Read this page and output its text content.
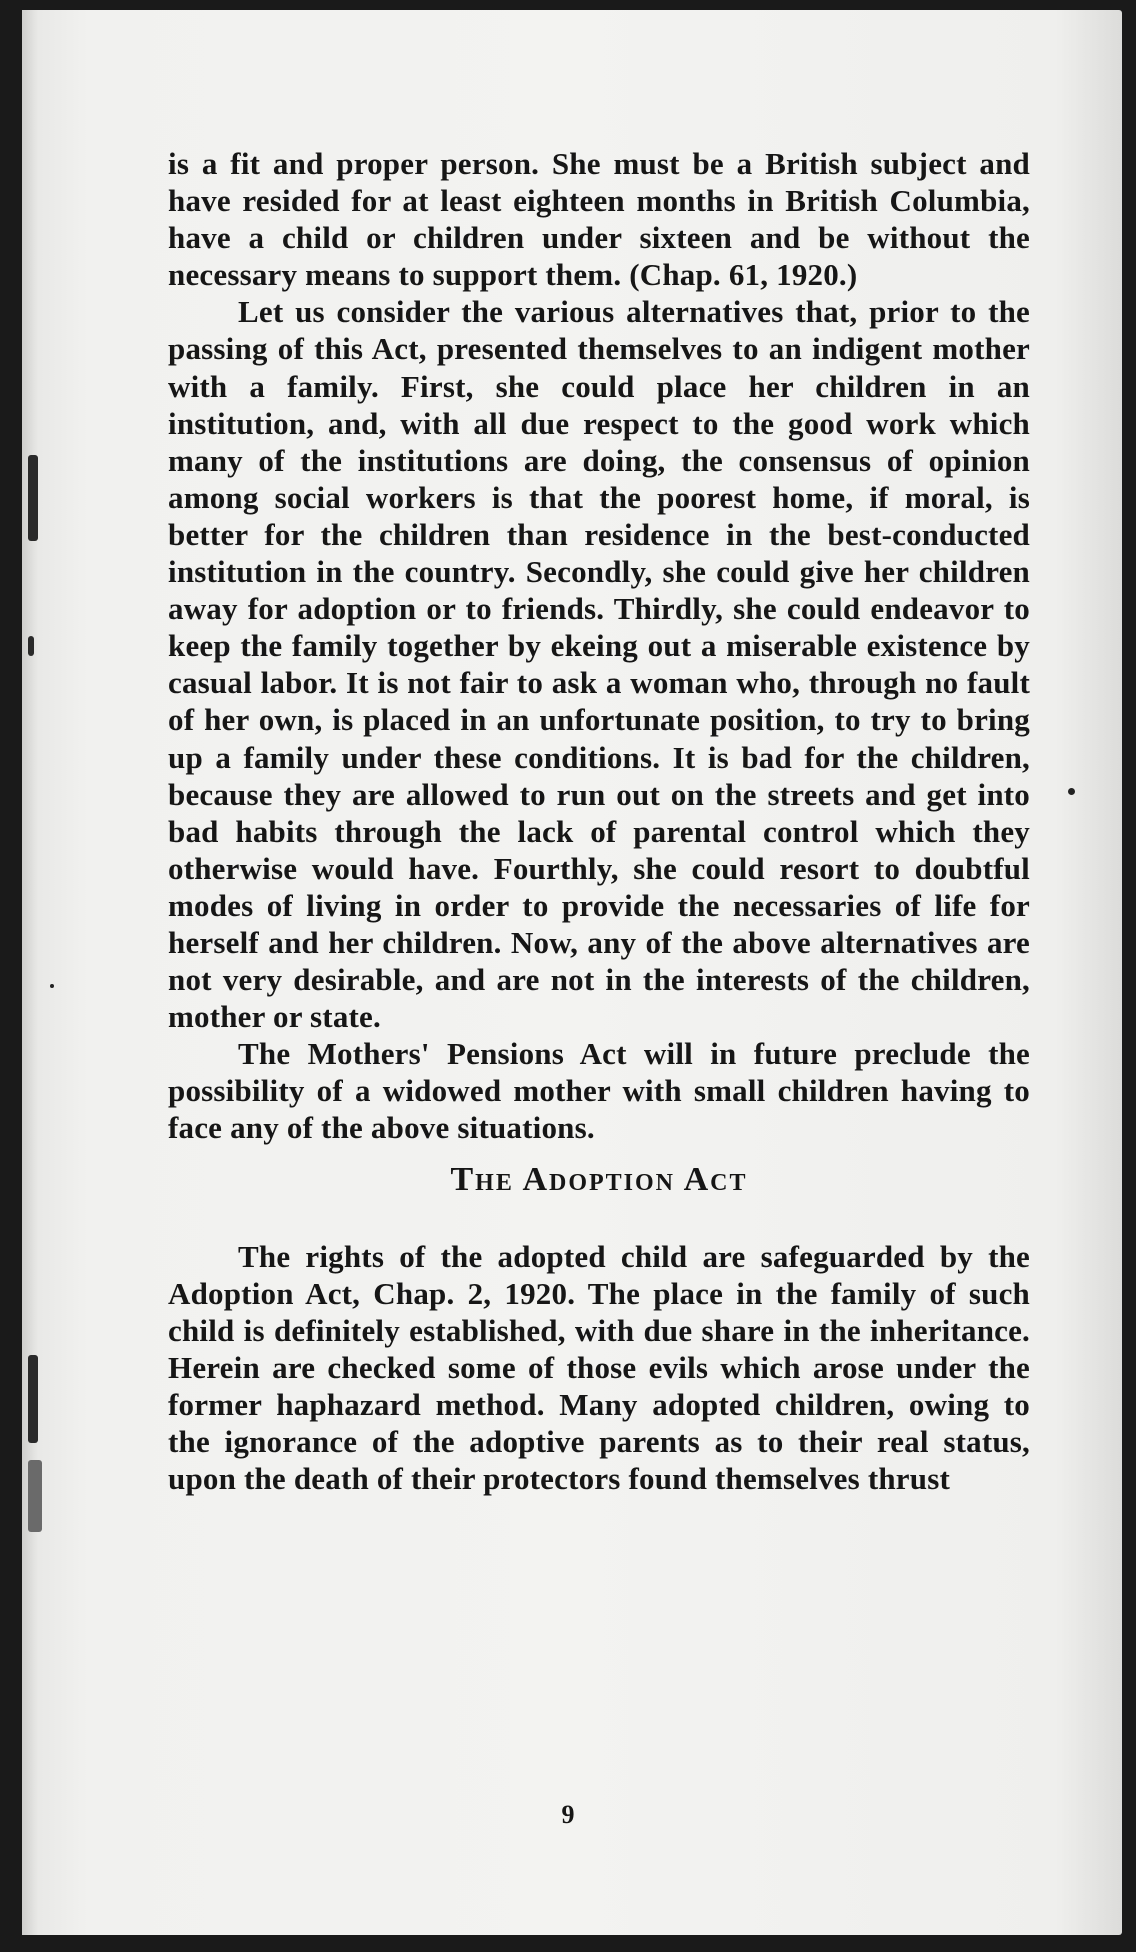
is a fit and proper person. She must be a British subject and have resided for at least eighteen months in British Columbia, have a child or children under sixteen and be without the necessary means to support them. (Chap. 61, 1920.)

Let us consider the various alternatives that, prior to the passing of this Act, presented themselves to an indigent mother with a family. First, she could place her children in an institution, and, with all due respect to the good work which many of the institutions are doing, the consensus of opinion among social workers is that the poorest home, if moral, is better for the children than residence in the best-conducted institution in the country. Secondly, she could give her children away for adoption or to friends. Thirdly, she could endeavor to keep the family together by ekeing out a miserable existence by casual labor. It is not fair to ask a woman who, through no fault of her own, is placed in an unfortunate position, to try to bring up a family under these conditions. It is bad for the children, because they are allowed to run out on the streets and get into bad habits through the lack of parental control which they otherwise would have. Fourthly, she could resort to doubtful modes of living in order to provide the necessaries of life for herself and her children. Now, any of the above alternatives are not very desirable, and are not in the interests of the children, mother or state.

The Mothers' Pensions Act will in future preclude the possibility of a widowed mother with small children having to face any of the above situations.

The Adoption Act

The rights of the adopted child are safeguarded by the Adoption Act, Chap. 2, 1920. The place in the family of such child is definitely established, with due share in the inheritance. Herein are checked some of those evils which arose under the former haphazard method. Many adopted children, owing to the ignorance of the adoptive parents as to their real status, upon the death of their protectors found themselves thrust

9
